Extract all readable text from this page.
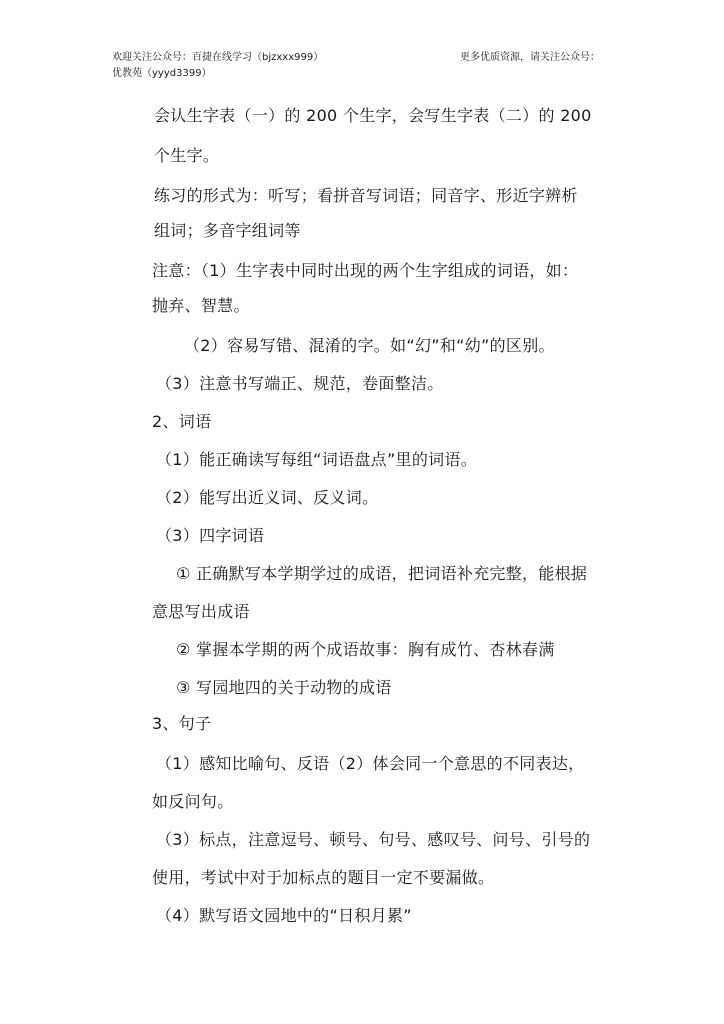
欢迎关注公众号：百捷在线学习（bjzxxx999）
优教苑（yyyd3399）
更多优质资源，请关注公众号：
会认生字表（一）的 200 个生字，会写生字表（二）的 200
个生字。
练习的形式为：听写；看拼音写词语；同音字、形近字辨析
组词；多音字组词等
注意：（1）生字表中同时出现的两个生字组成的词语，如：
抛弃、智慧。
（2）容易写错、混淆的字。如“幻”和“幼”的区别。
（3）注意书写端正、规范，卷面整洁。
2、词语
（1）能正确读写每组“词语盘点”里的词语。
（2）能写出近义词、反义词。
（3）四字词语
① 正确默写本学期学过的成语，把词语补充完整，能根据
意思写出成语
② 掌握本学期的两个成语故事：胸有成竹、杏林春满
③ 写园地四的关于动物的成语
3、句子
（1）感知比喻句、反语（2）体会同一个意思的不同表达，
如反问句。
（3）标点，注意逗号、顿号、句号、感叹号、问号、引号的
使用，考试中对于加标点的题目一定不要漏做。
（4）默写语文园地中的“日积月累”
